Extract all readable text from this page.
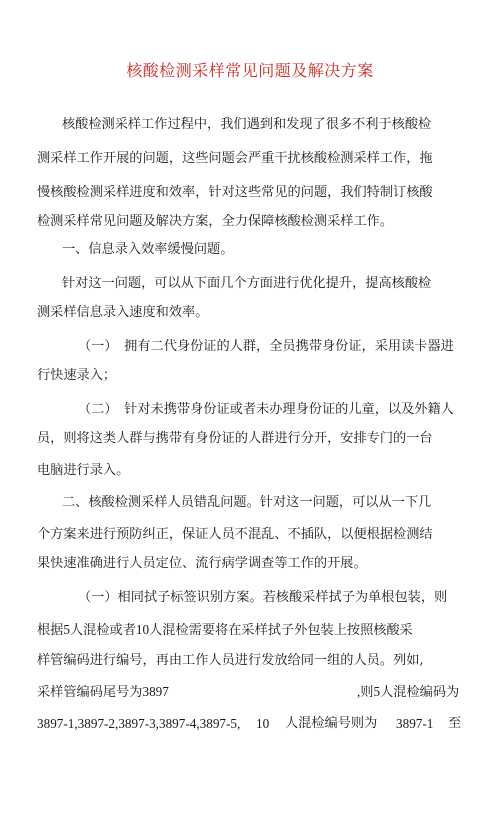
核酸检测采样常见问题及解决方案
核酸检测采样工作过程中，我们遇到和发现了很多不利于核酸检
测采样工作开展的问题，这些问题会严重干扰核酸检测采样工作，拖
慢核酸检测采样进度和效率，针对这些常见的问题，我们特制订核酸
检测采样常见问题及解决方案，全力保障核酸检测采样工作。
一、信息录入效率缓慢问题。
针对这一问题，可以从下面几个方面进行优化提升，提高核酸检
测采样信息录入速度和效率。
（一）　拥有二代身份证的人群，全员携带身份证，采用读卡器进
行快速录入；
（二）　针对未携带身份证或者未办理身份证的儿童，以及外籍人
员，则将这类人群与携带有身份证的人群进行分开，安排专门的一台
电脑进行录入。
二、核酸检测采样人员错乱问题。针对这一问题，可以从一下几
个方案来进行预防纠正，保证人员不混乱、不插队，以便根据检测结
果快速准确进行人员定位、流行病学调查等工作的开展。
（一）相同拭子标签识别方案。若核酸采样拭子为单根包装，则
根据5人混检或者10人混检需要将在采样拭子外包装上按照核酸采
样管编码进行编号，再由工作人员进行发放给同一组的人员。列如,
采样管编码尾号为3897	,则5人混检编码为
3897-1,3897-2,3897-3,3897-4,3897-5, 10 人混检编号则为 3897-1 至
